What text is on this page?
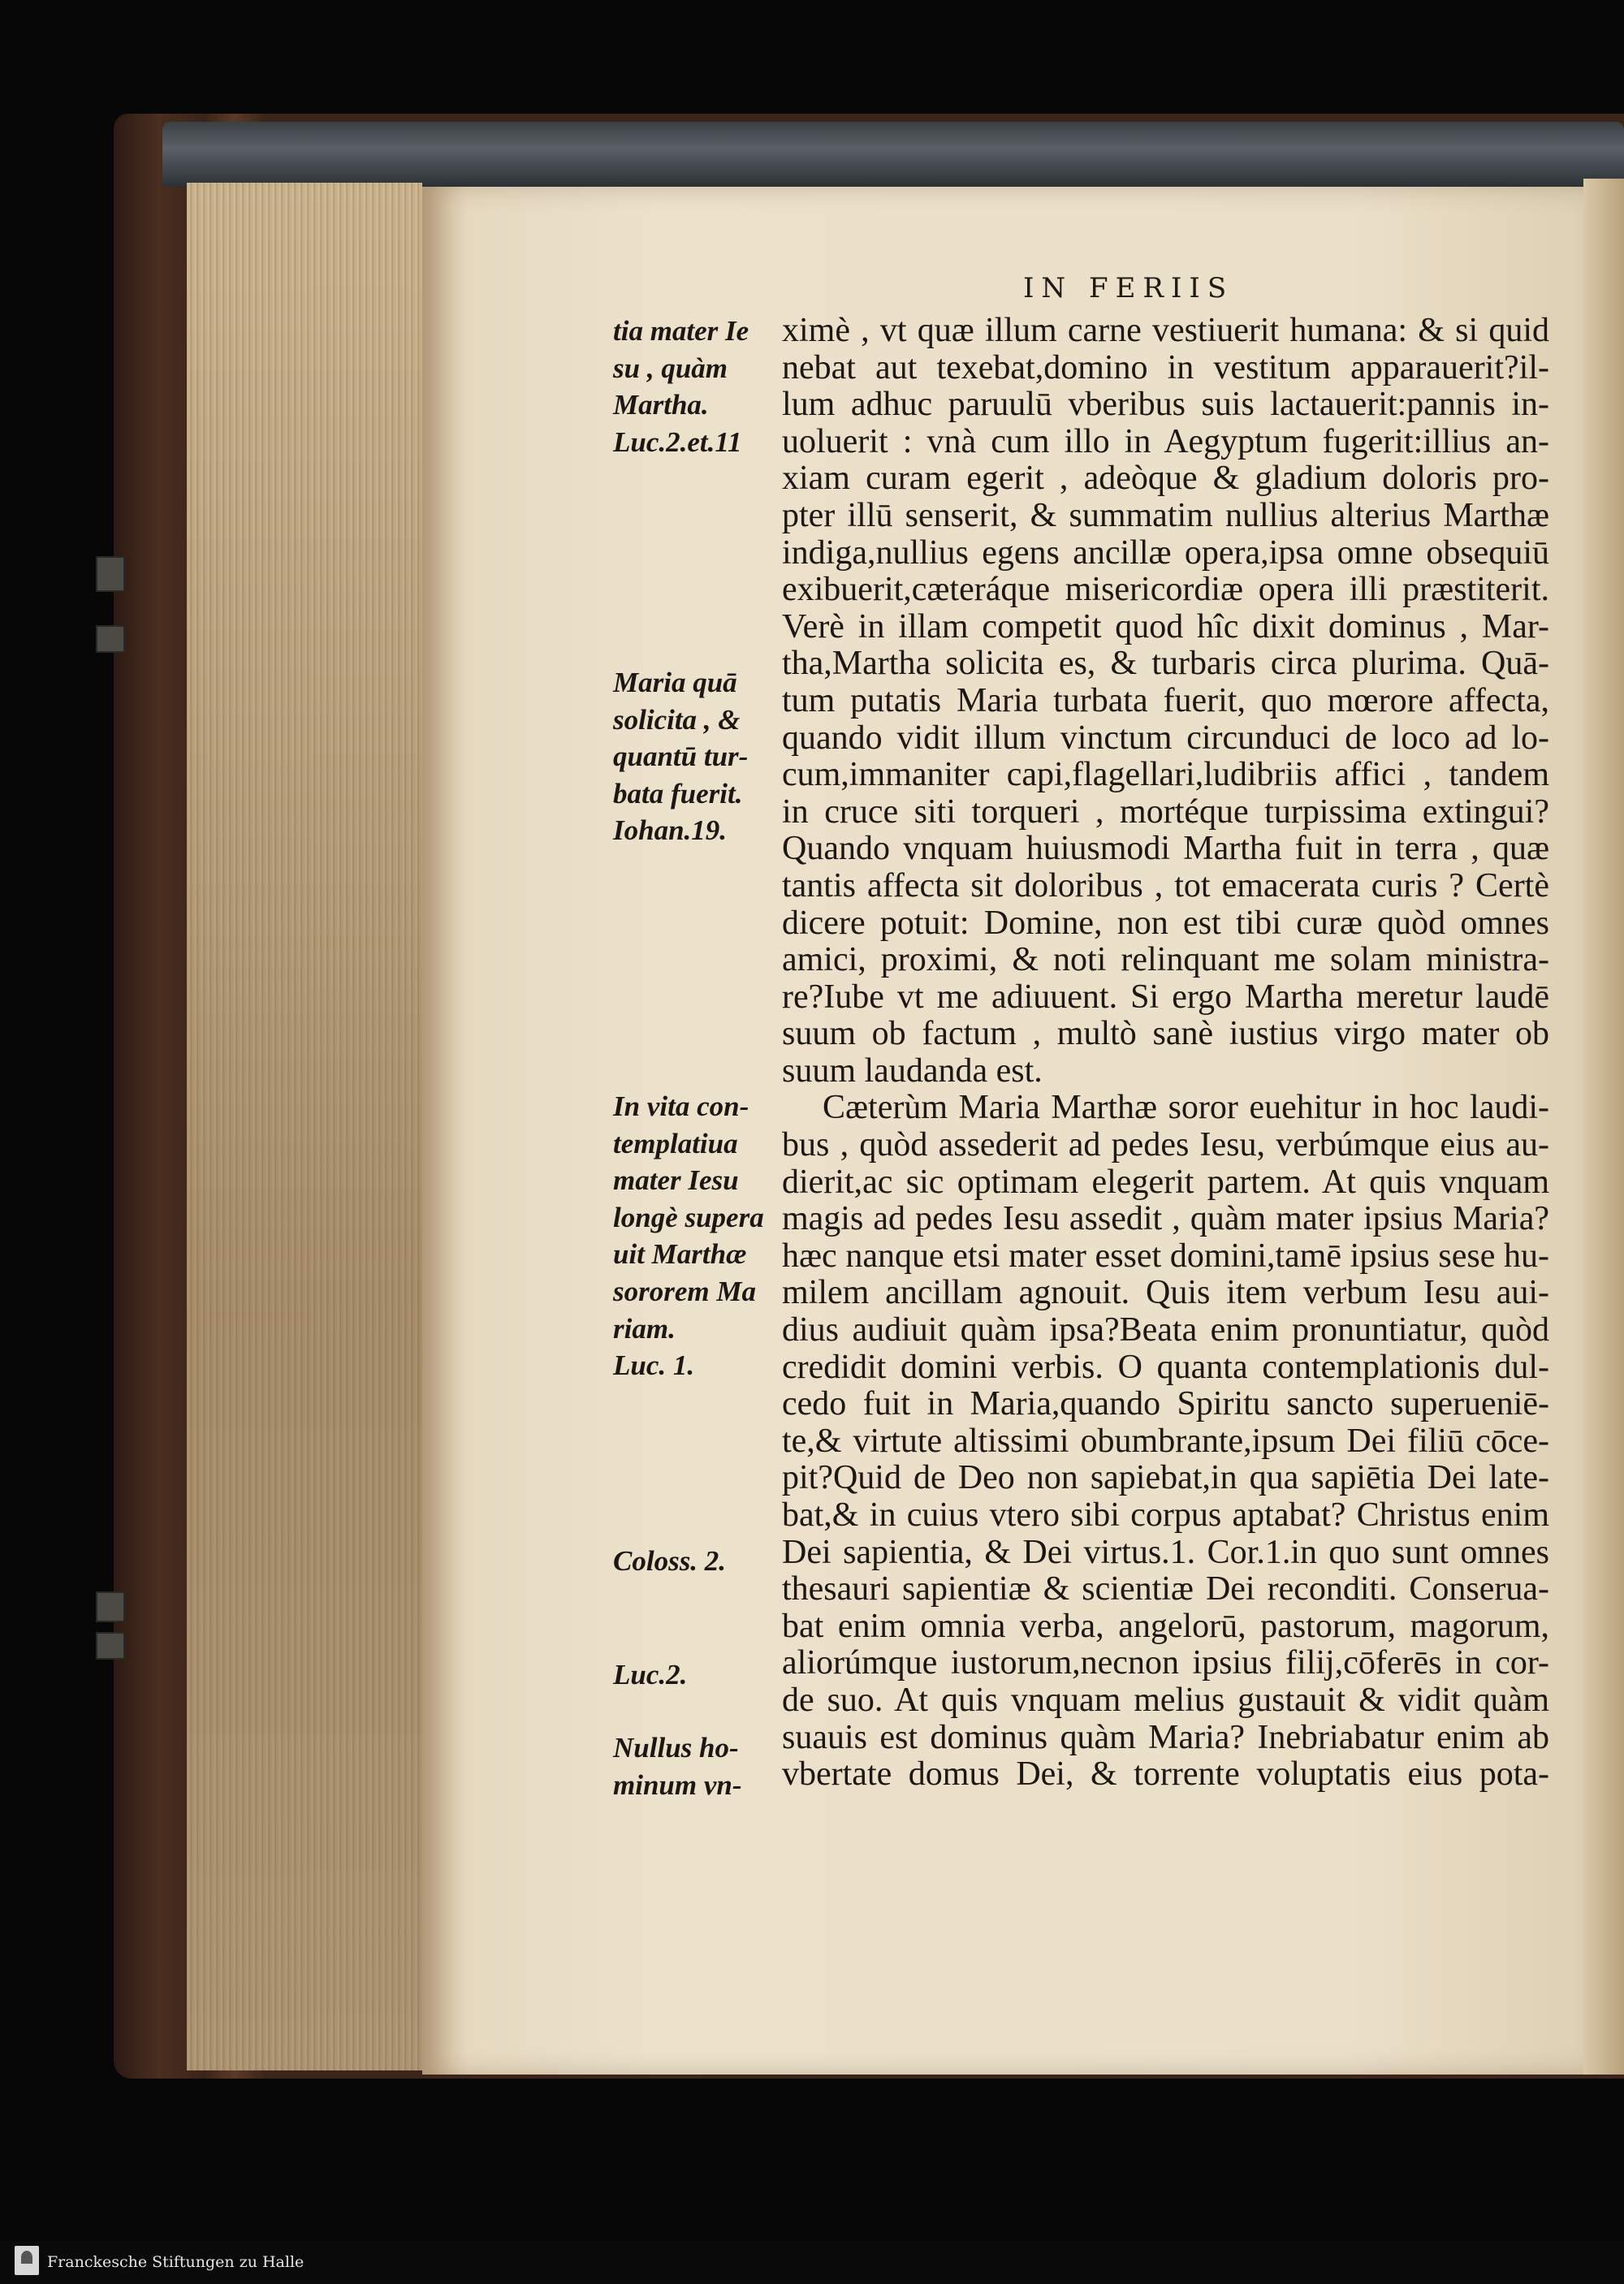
IN FERIIS
ximè , vt quæ illum carne vestiuerit humana: & si quid
nebat aut texebat,domino in vestitum apparauerit?il-
lum adhuc paruulū vberibus suis lactauerit:pannis in-
uoluerit : vnà cum illo in Aegyptum fugerit:illius an-
xiam curam egerit , adeòque & gladium doloris pro-
pter illū senserit, & summatim nullius alterius Marthæ
indiga,nullius egens ancillæ opera,ipsa omne obsequiū
exibuerit,cæteráque misericordiæ opera illi præstiterit.
Verè in illam competit quod hîc dixit dominus , Mar-
tha,Martha solicita es, & turbaris circa plurima. Quā-
tum putatis Maria turbata fuerit, quo mœrore affecta,
quando vidit illum vinctum circunduci de loco ad lo-
cum,immaniter capi,flagellari,ludibriis affici , tandem
in cruce siti torqueri , mortéque turpissima extingui?
Quando vnquam huiusmodi Martha fuit in terra , quæ
tantis affecta sit doloribus , tot emacerata curis ? Certè
dicere potuit: Domine, non est tibi curæ quòd omnes
amici, proximi, & noti relinquant me solam ministra-
re?Iube vt me adiuuent. Si ergo Martha meretur laudē
suum ob factum , multò sanè iustius virgo mater ob
suum laudanda est.
Cæterùm Maria Marthæ soror euehitur in hoc laudi-
bus , quòd assederit ad pedes Iesu, verbúmque eius au-
dierit,ac sic optimam elegerit partem. At quis vnquam
magis ad pedes Iesu assedit , quàm mater ipsius Maria?
hæc nanque etsi mater esset domini,tamē ipsius sese hu-
milem ancillam agnouit. Quis item verbum Iesu aui-
dius audiuit quàm ipsa?Beata enim pronuntiatur, quòd
credidit domini verbis. O quanta contemplationis dul-
cedo fuit in Maria,quando Spiritu sancto superueniē-
te,& virtute altissimi obumbrante,ipsum Dei filiū cōce-
pit?Quid de Deo non sapiebat,in qua sapiētia Dei late-
bat,& in cuius vtero sibi corpus aptabat? Christus enim
Dei sapientia, & Dei virtus.1. Cor.1.in quo sunt omnes
thesauri sapientiæ & scientiæ Dei reconditi. Conserua-
bat enim omnia verba, angelorū, pastorum, magorum,
aliorúmque iustorum,necnon ipsius filij,cōferēs in cor-
de suo. At quis vnquam melius gustauit & vidit quàm
suauis est dominus quàm Maria? Inebriabatur enim ab
vbertate domus Dei, & torrente voluptatis eius pota-
tia mater Ie
su , quàm
Martha.
Luc.2.et.11
Maria quā
solicita , &
quantū tur-
bata fuerit.
Iohan.19.
In vita con-
templatiua
mater Iesu
longè supera
uit Marthæ
sororem Ma
riam.
Luc. 1.
Coloss. 2.
Luc.2.
Nullus ho-
minum vn-
Franckesche Stiftungen zu Halle
